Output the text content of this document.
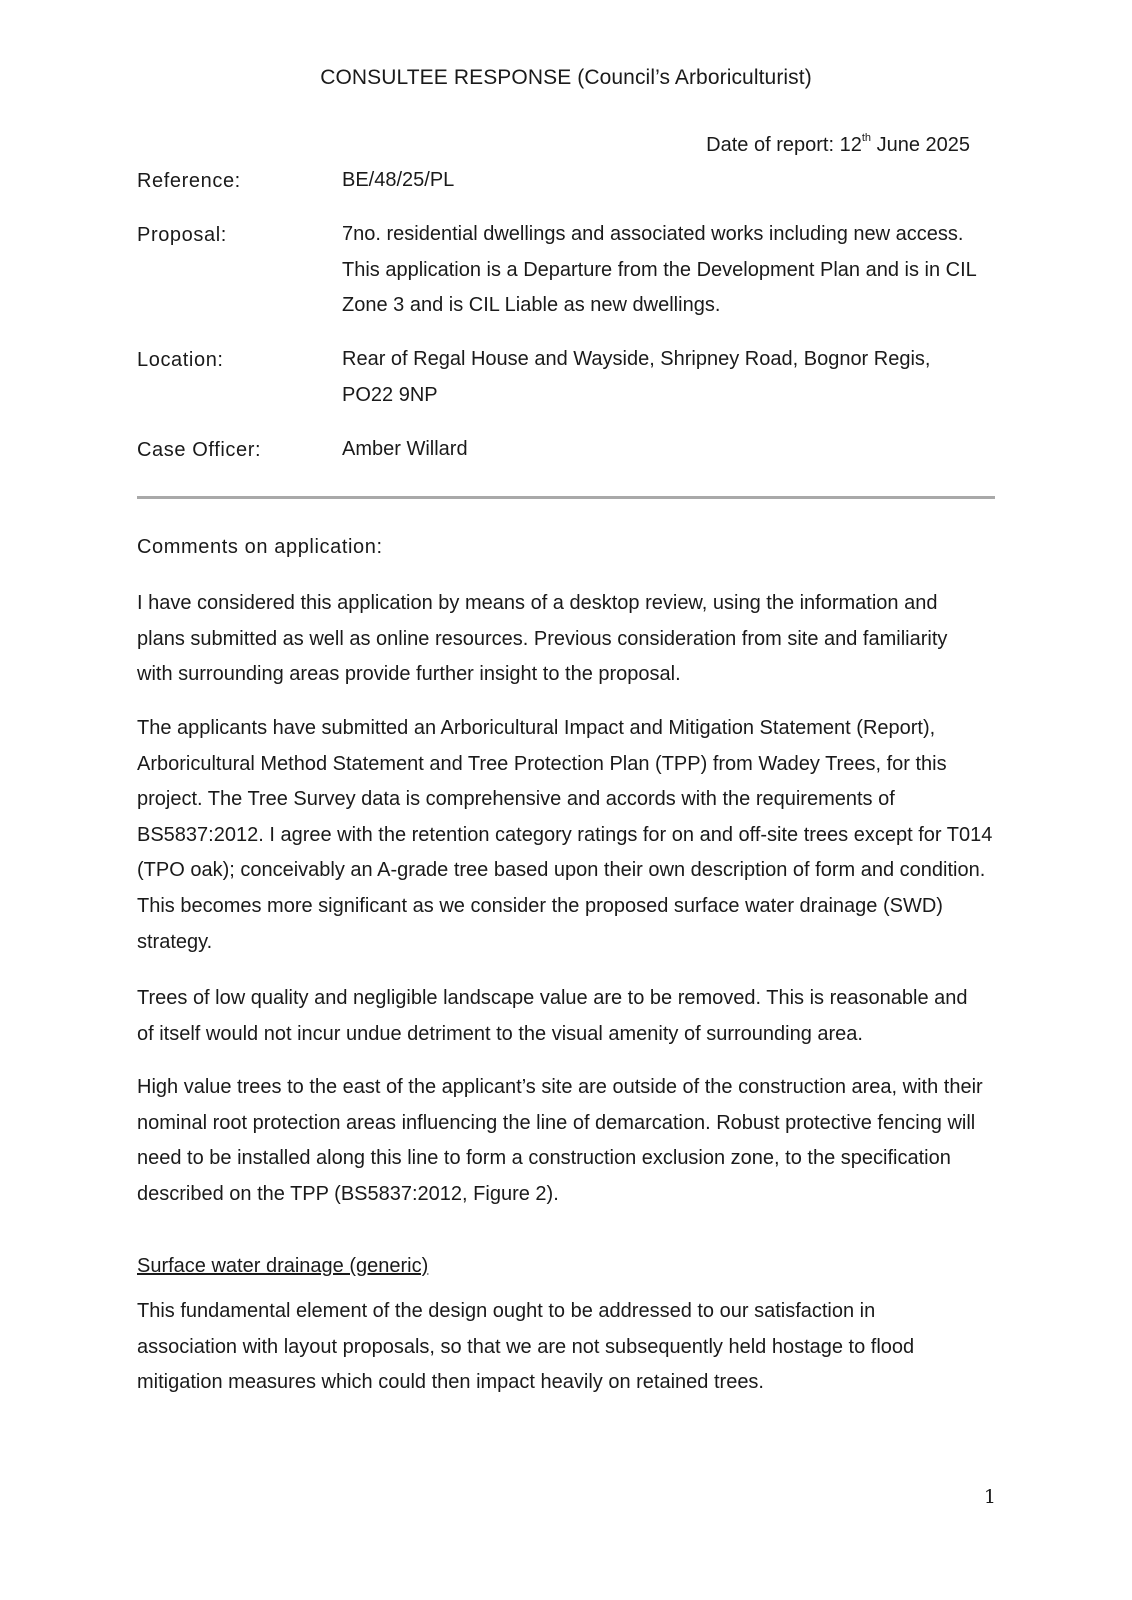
CONSULTEE RESPONSE (Council’s Arboriculturist)
Date of report: 12th June 2025
Reference:	BE/48/25/PL
Proposal:	7no. residential dwellings and associated works including new access. This application is a Departure from the Development Plan and is in CIL Zone 3 and is CIL Liable as new dwellings.
Location:	Rear of Regal House and Wayside, Shripney Road, Bognor Regis, PO22 9NP
Case Officer:	Amber Willard
Comments on application:
I have considered this application by means of a desktop review, using the information and plans submitted as well as online resources. Previous consideration from site and familiarity with surrounding areas provide further insight to the proposal.
The applicants have submitted an Arboricultural Impact and Mitigation Statement (Report), Arboricultural Method Statement and Tree Protection Plan (TPP) from Wadey Trees, for this project. The Tree Survey data is comprehensive and accords with the requirements of BS5837:2012. I agree with the retention category ratings for on and off-site trees except for T014 (TPO oak); conceivably an A-grade tree based upon their own description of form and condition. This becomes more significant as we consider the proposed surface water drainage (SWD) strategy.
Trees of low quality and negligible landscape value are to be removed. This is reasonable and of itself would not incur undue detriment to the visual amenity of surrounding area.
High value trees to the east of the applicant’s site are outside of the construction area, with their nominal root protection areas influencing the line of demarcation. Robust protective fencing will need to be installed along this line to form a construction exclusion zone, to the specification described on the TPP (BS5837:2012, Figure 2).
Surface water drainage (generic)
This fundamental element of the design ought to be addressed to our satisfaction in association with layout proposals, so that we are not subsequently held hostage to flood mitigation measures which could then impact heavily on retained trees.
1
